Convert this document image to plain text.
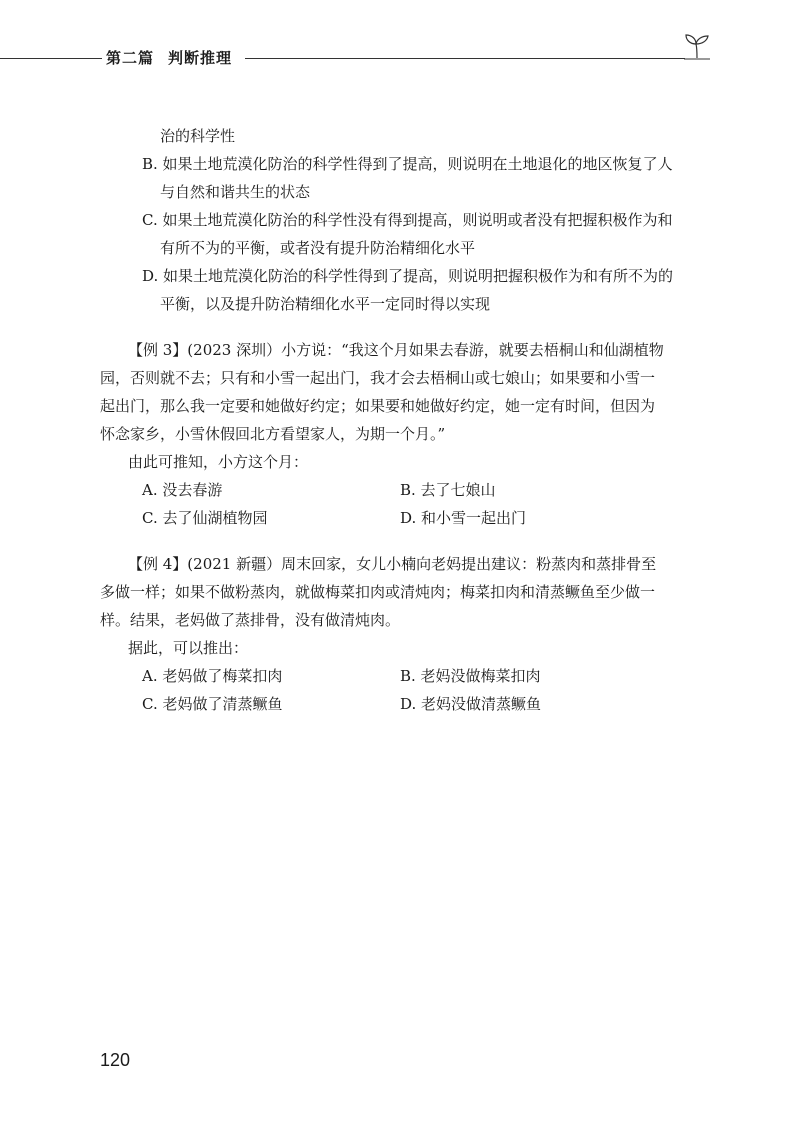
第二篇 判断推理
治的科学性
B. 如果土地荒漠化防治的科学性得到了提高，则说明在土地退化的地区恢复了人
与自然和谐共生的状态
C. 如果土地荒漠化防治的科学性没有得到提高，则说明或者没有把握积极作为和
有所不为的平衡，或者没有提升防治精细化水平
D. 如果土地荒漠化防治的科学性得到了提高，则说明把握积极作为和有所不为的
平衡，以及提升防治精细化水平一定同时得以实现
【例 3】(2023 深圳）小方说：“我这个月如果去春游，就要去梧桐山和仙湖植物
园，否则就不去；只有和小雪一起出门，我才会去梧桐山或七娘山；如果要和小雪一
起出门，那么我一定要和她做好约定；如果要和她做好约定，她一定有时间，但因为
怀念家乡，小雪休假回北方看望家人，为期一个月。”
由此可推知，小方这个月：
A. 没去春游	B. 去了七娘山
C. 去了仙湖植物园	D. 和小雪一起出门
【例 4】(2021 新疆）周末回家，女儿小楠向老妈提出建议：粉蒸肉和蒸排骨至
多做一样；如果不做粉蒸肉，就做梅菜扣肉或清炖肉；梅菜扣肉和清蒸鳜鱼至少做一
样。结果，老妈做了蒸排骨，没有做清炖肉。
据此，可以推出：
A. 老妈做了梅菜扣肉	B. 老妈没做梅菜扣肉
C. 老妈做了清蒸鳜鱼	D. 老妈没做清蒸鳜鱼
120
